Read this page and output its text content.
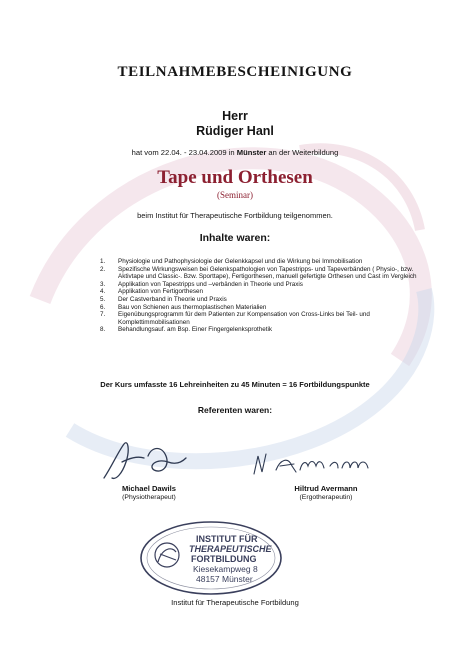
TEILNAHMEBESCHEINIGUNG
Herr
Rüdiger Hanl
hat vom 22.04. - 23.04.2009 in Münster an der Weiterbildung
Tape und Orthesen
(Seminar)
beim Institut für Therapeutische Fortbildung teilgenommen.
Inhalte waren:
1. Physiologie und Pathophysiologie der Gelenkkapsel und die Wirkung bei Immobilisation
2. Spezifische Wirkungsweisen bei Gelenkspathologien von Tapestripps- und Tapeverbänden ( Physio-, bzw. Aktivtape und Classic-. Bzw. Sporttape), Fertigorthesen, manuell gefertigte Orthesen und Cast im Vergleich
3. Applikation von Tapestripps und –verbänden in Theorie und Praxis
4. Applikation von Fertigorthesen
5. Der Castverband in Theorie und Praxis
6. Bau von Schienen aus thermoplastischen Materialien
7. Eigenübungsprogramm für dem Patienten zur Kompensation von Cross-Links bei Teil- und Komplettimmobilisationen
8. Behandlungsauf. am Bsp. Einer Fingergelenksprothetik
Der Kurs umfasste 16 Lehreinheiten zu 45 Minuten = 16 Fortbildungspunkte
Referenten waren:
INSTITUT FÜR
THERAPEUTISCHE
FORTBILDUNG
Kiesekampweg 8
48157 Münster
Michael Dawils
(Physiotherapeut)
Hiltrud Avermann
(Ergotherapeutin)
Institut für Therapeutische Fortbildung
